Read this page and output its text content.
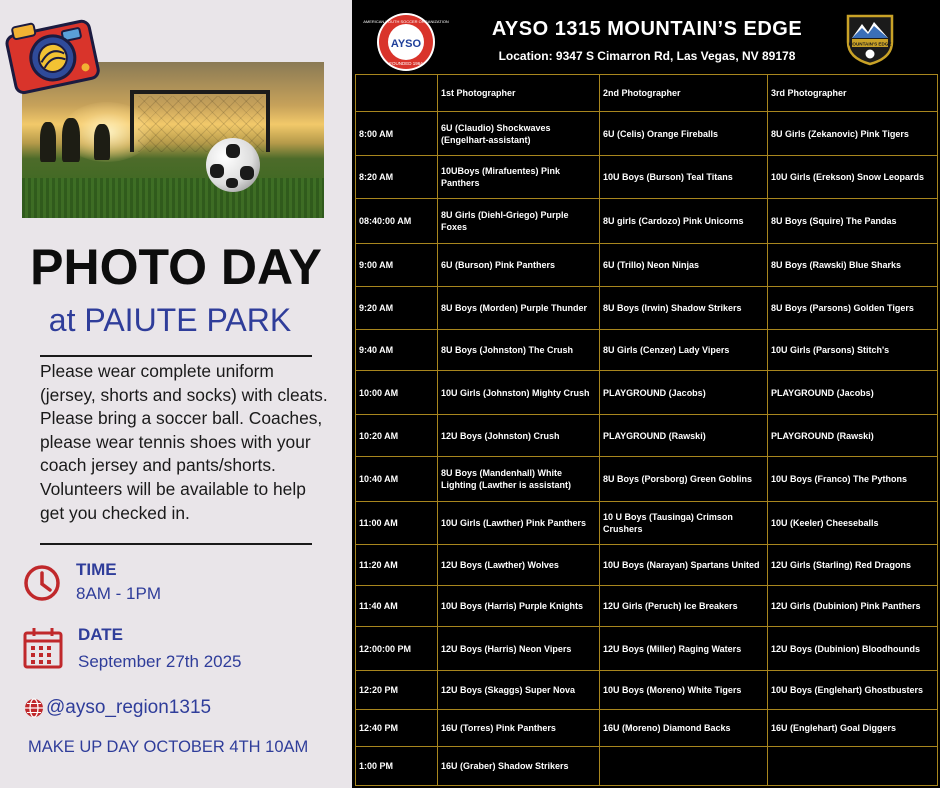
PHOTO DAY
at PAIUTE PARK
Please wear complete uniform (jersey, shorts and socks) with cleats. Please bring a soccer ball. Coaches, please wear tennis shoes with your coach jersey and pants/shorts. Volunteers will be available to help get you checked in.
TIME
8AM - 1PM
DATE
September 27th 2025
@ayso_region1315
MAKE UP DAY OCTOBER 4TH 10AM
AYSO
AMERICAN YOUTH SOCCER ORGANIZATION
FOUNDED 1964
AYSO 1315 MOUNTAIN’S EDGE
Location: 9347 S Cimarron Rd, Las Vegas, NV 89178
MOUNTAIN'S EDGE
	1st Photographer	2nd Photographer	3rd Photographer
8:00 AM	6U (Claudio) Shockwaves (Engelhart-assistant)	6U (Celis) Orange Fireballs	8U Girls (Zekanovic) Pink Tigers
8:20 AM	10UBoys (Mirafuentes) Pink Panthers	10U Boys (Burson) Teal Titans	10U Girls (Erekson) Snow Leopards
08:40:00 AM	8U Girls (Diehl-Griego) Purple Foxes	8U girls (Cardozo) Pink Unicorns	8U Boys (Squire) The Pandas
9:00 AM	6U (Burson) Pink Panthers	6U (Trillo) Neon Ninjas	8U Boys (Rawski) Blue Sharks
9:20 AM	8U Boys (Morden) Purple Thunder	8U Boys (Irwin) Shadow Strikers	8U Boys (Parsons) Golden Tigers
9:40 AM	8U Boys (Johnston) The Crush	8U Girls (Cenzer) Lady Vipers	10U Girls (Parsons) Stitch's
10:00 AM	10U Girls (Johnston) Mighty Crush	PLAYGROUND (Jacobs)	PLAYGROUND (Jacobs)
10:20 AM	12U Boys (Johnston) Crush	PLAYGROUND (Rawski)	PLAYGROUND (Rawski)
10:40 AM	8U Boys (Mandenhall) White Lighting (Lawther is assistant)	8U Boys (Porsborg) Green Goblins	10U Boys (Franco) The Pythons
11:00 AM	10U Girls (Lawther) Pink Panthers	10 U Boys (Tausinga) Crimson Crushers	10U (Keeler) Cheeseballs
11:20 AM	12U Boys (Lawther) Wolves	10U Boys (Narayan) Spartans United	12U Girls (Starling) Red Dragons
11:40 AM	10U Boys (Harris) Purple Knights	12U Girls (Peruch) Ice Breakers	12U Girls (Dubinion) Pink Panthers
12:00:00 PM	12U Boys (Harris) Neon Vipers	12U Boys (Miller) Raging Waters	12U Boys (Dubinion) Bloodhounds
12:20 PM	12U Boys (Skaggs) Super Nova	10U Boys (Moreno) White Tigers	10U Boys (Englehart) Ghostbusters
12:40 PM	16U (Torres) Pink Panthers	16U (Moreno) Diamond Backs	16U (Englehart) Goal Diggers
1:00 PM	16U (Graber) Shadow Strikers		
